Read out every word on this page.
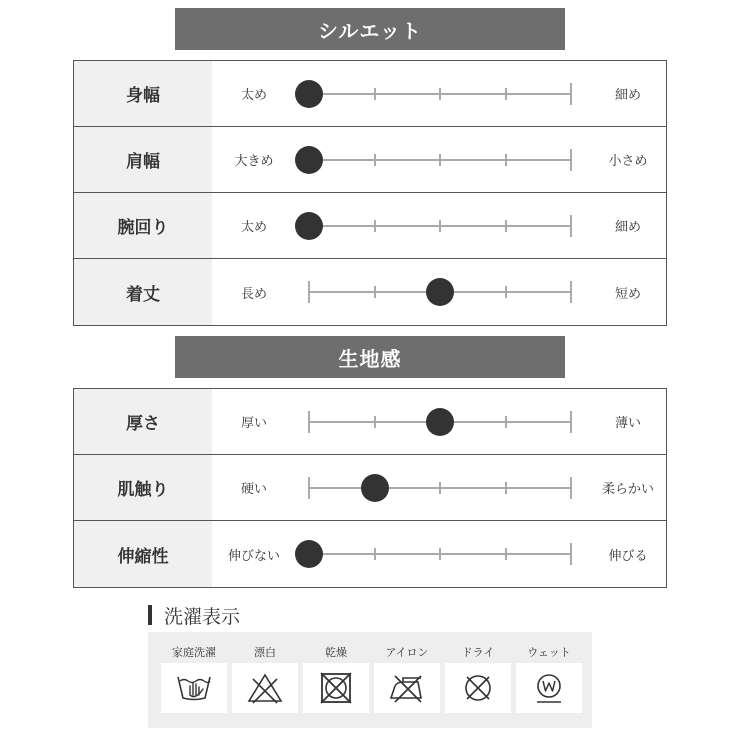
シルエット
身幅	太め	細め
肩幅	大きめ	小さめ
腕回り	太め	細め
着丈	長め	短め
生地感
厚さ	厚い	薄い
肌触り	硬い	柔らかい
伸縮性	伸びない	伸びる
洗濯表示
家庭洗濯	漂白	乾燥	アイロン	ドライ	ウェット
